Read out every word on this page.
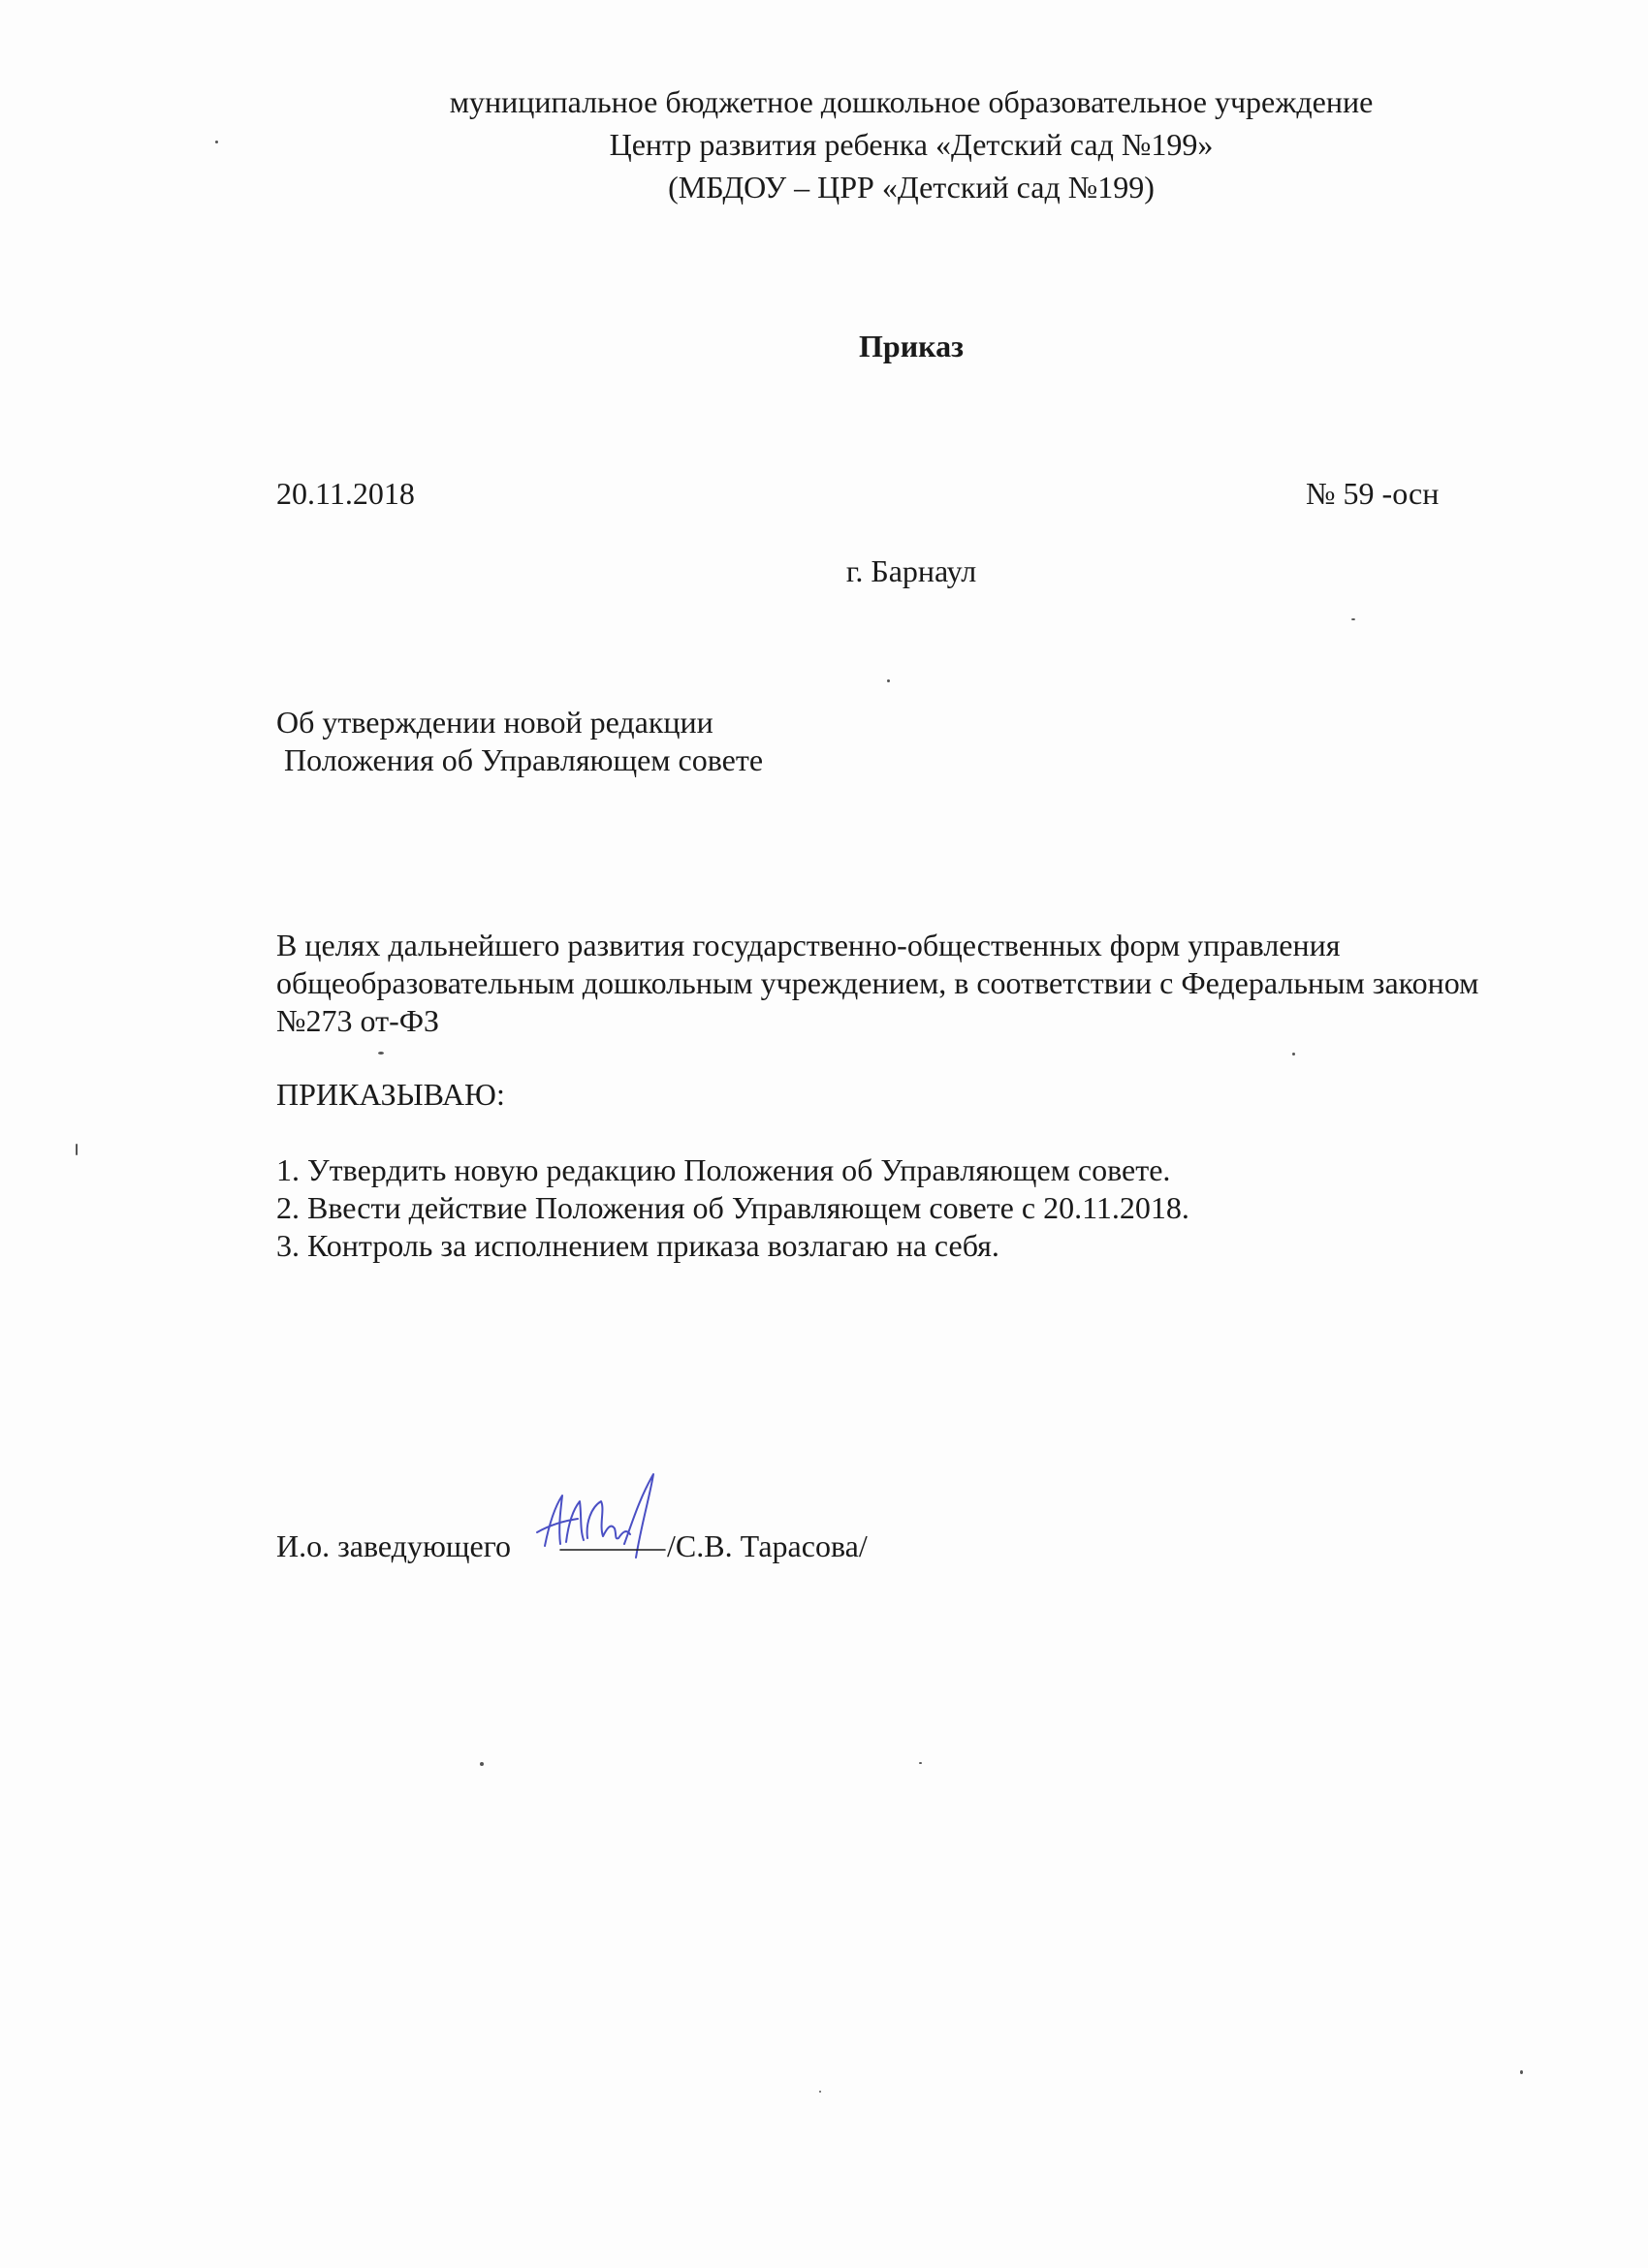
муниципальное бюджетное дошкольное образовательное учреждение
Центр развития ребенка «Детский сад №199»
(МБДОУ – ЦРР «Детский сад №199)
Приказ
20.11.2018	№ 59 -осн
г. Барнаул
Об утверждении новой редакции
Положения об Управляющем совете
В целях дальнейшего развития государственно-общественных форм управления
общеобразовательным дошкольным учреждением, в соответствии с Федеральным законом
№273 от-ФЗ
ПРИКАЗЫВАЮ:
1. Утвердить новую редакцию Положения об Управляющем совете.
2. Ввести действие Положения об Управляющем совете с 20.11.2018.
3. Контроль за исполнением приказа возлагаю на себя.
И.о. заведующего	/С.В. Тарасова/
